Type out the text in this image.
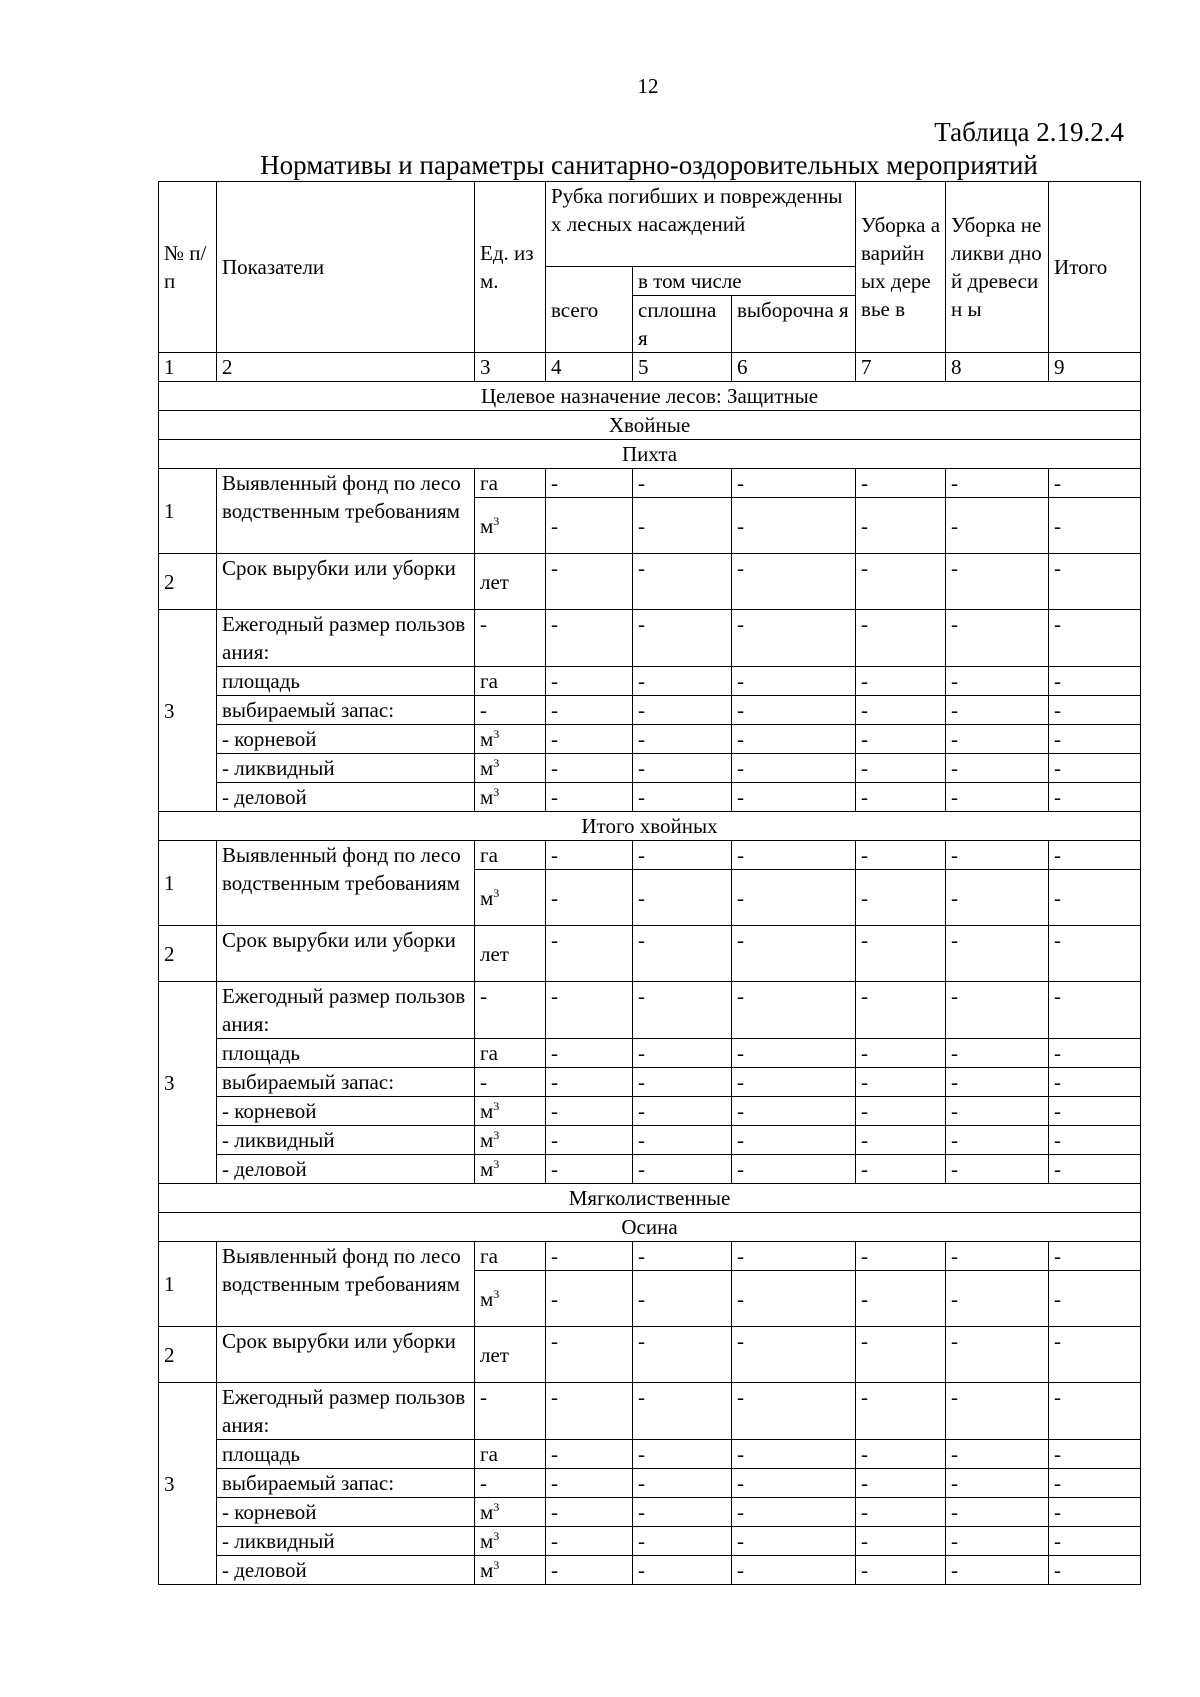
12
Таблица 2.19.2.4
Нормативы и параметры санитарно-оздоровительных мероприятий
№ п/п	Показатели	Ед. изм.	Рубка погибших и поврежденных лесных насаждений			Уборка аварийн ых деревье в	Уборка неликви дной древесин ы	Итого
			всего	в том числе				
				сплошна я	выборочна я			
1	2	3	4	5	6	7	8	9
Целевое назначение лесов: Защитные								
Хвойные								
Пихта								
1	Выявленный фонд по лесоводственным требованиям	га	-	-	-	-	-	-
		$м^3$	-	-	-	-	-	-
2	Срок вырубки или уборки	лет	-	-	-	-	-	-
3	Ежегодный размер пользования:	-	-	-	-	-	-	-
	площадь	га	-	-	-	-	-	-
	выбираемый запас:	-	-	-	-	-	-	-
	- корневой	$м^3$	-	-	-	-	-	-
	- ликвидный	$м^3$	-	-	-	-	-	-
	- деловой	$м^3$	-	-	-	-	-	-
Итого хвойных								
1	Выявленный фонд по лесоводственным требованиям	га	-	-	-	-	-	-
		$м^3$	-	-	-	-	-	-
2	Срок вырубки или уборки	лет	-	-	-	-	-	-
3	Ежегодный размер пользования:	-	-	-	-	-	-	-
	площадь	га	-	-	-	-	-	-
	выбираемый запас:	-	-	-	-	-	-	-
	- корневой	$м^3$	-	-	-	-	-	-
	- ликвидный	$м^3$	-	-	-	-	-	-
	- деловой	$м^3$	-	-	-	-	-	-
Мягколиственные								
Осина								
1	Выявленный фонд по лесоводственным требованиям	га	-	-	-	-	-	-
		$м^3$	-	-	-	-	-	-
2	Срок вырубки или уборки	лет	-	-	-	-	-	-
3	Ежегодный размер пользования:	-	-	-	-	-	-	-
	площадь	га	-	-	-	-	-	-
	выбираемый запас:	-	-	-	-	-	-	-
	- корневой	$м^3$	-	-	-	-	-	-
	- ликвидный	$м^3$	-	-	-	-	-	-
	- деловой	$м^3$	-	-	-	-	-	-
